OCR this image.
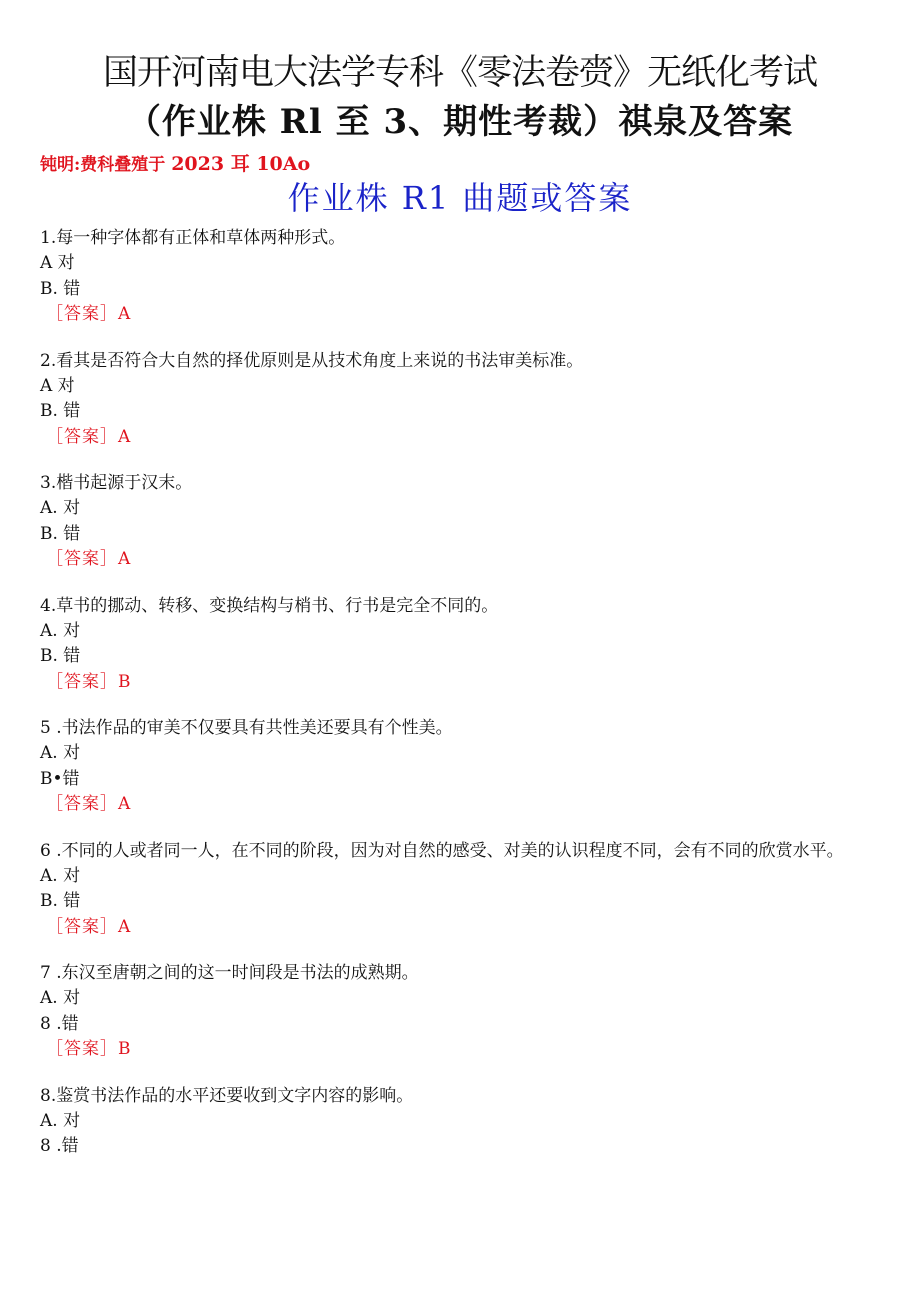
国开河南电大法学专科《零法卷赍》无纸化考试
（作业株 Rl 至 3、期性考裁）祺泉及答案
钝明:费科叠殖于 2023 耳 10Ao
作业株 R1 曲题或答案
1.每一种字体都有正体和草体两种形式。
A 对
B. 错
［答案］A
2.看其是否符合大自然的择优原则是从技术角度上来说的书法审美标准。
A 对
B. 错
［答案］A
3.楷书起源于汉末。
A. 对
B. 错
［答案］A
4.草书的挪动、转移、变换结构与梢书、行书是完全不同的。
A. 对
B. 错
［答案］B
5 .书法作品的审美不仅要具有共性美还要具有个性美。
A. 对
B•错
［答案］A
6 .不同的人或者同一人，在不同的阶段，因为对自然的感受、对美的认识程度不同，会有不同的欣赏水平。
A. 对
B. 错
［答案］A
7 .东汉至唐朝之间的这一时间段是书法的成熟期。
A. 对
8 .错
［答案］B
8.鉴赏书法作品的水平还要收到文字内容的影响。
A. 对
8 .错
